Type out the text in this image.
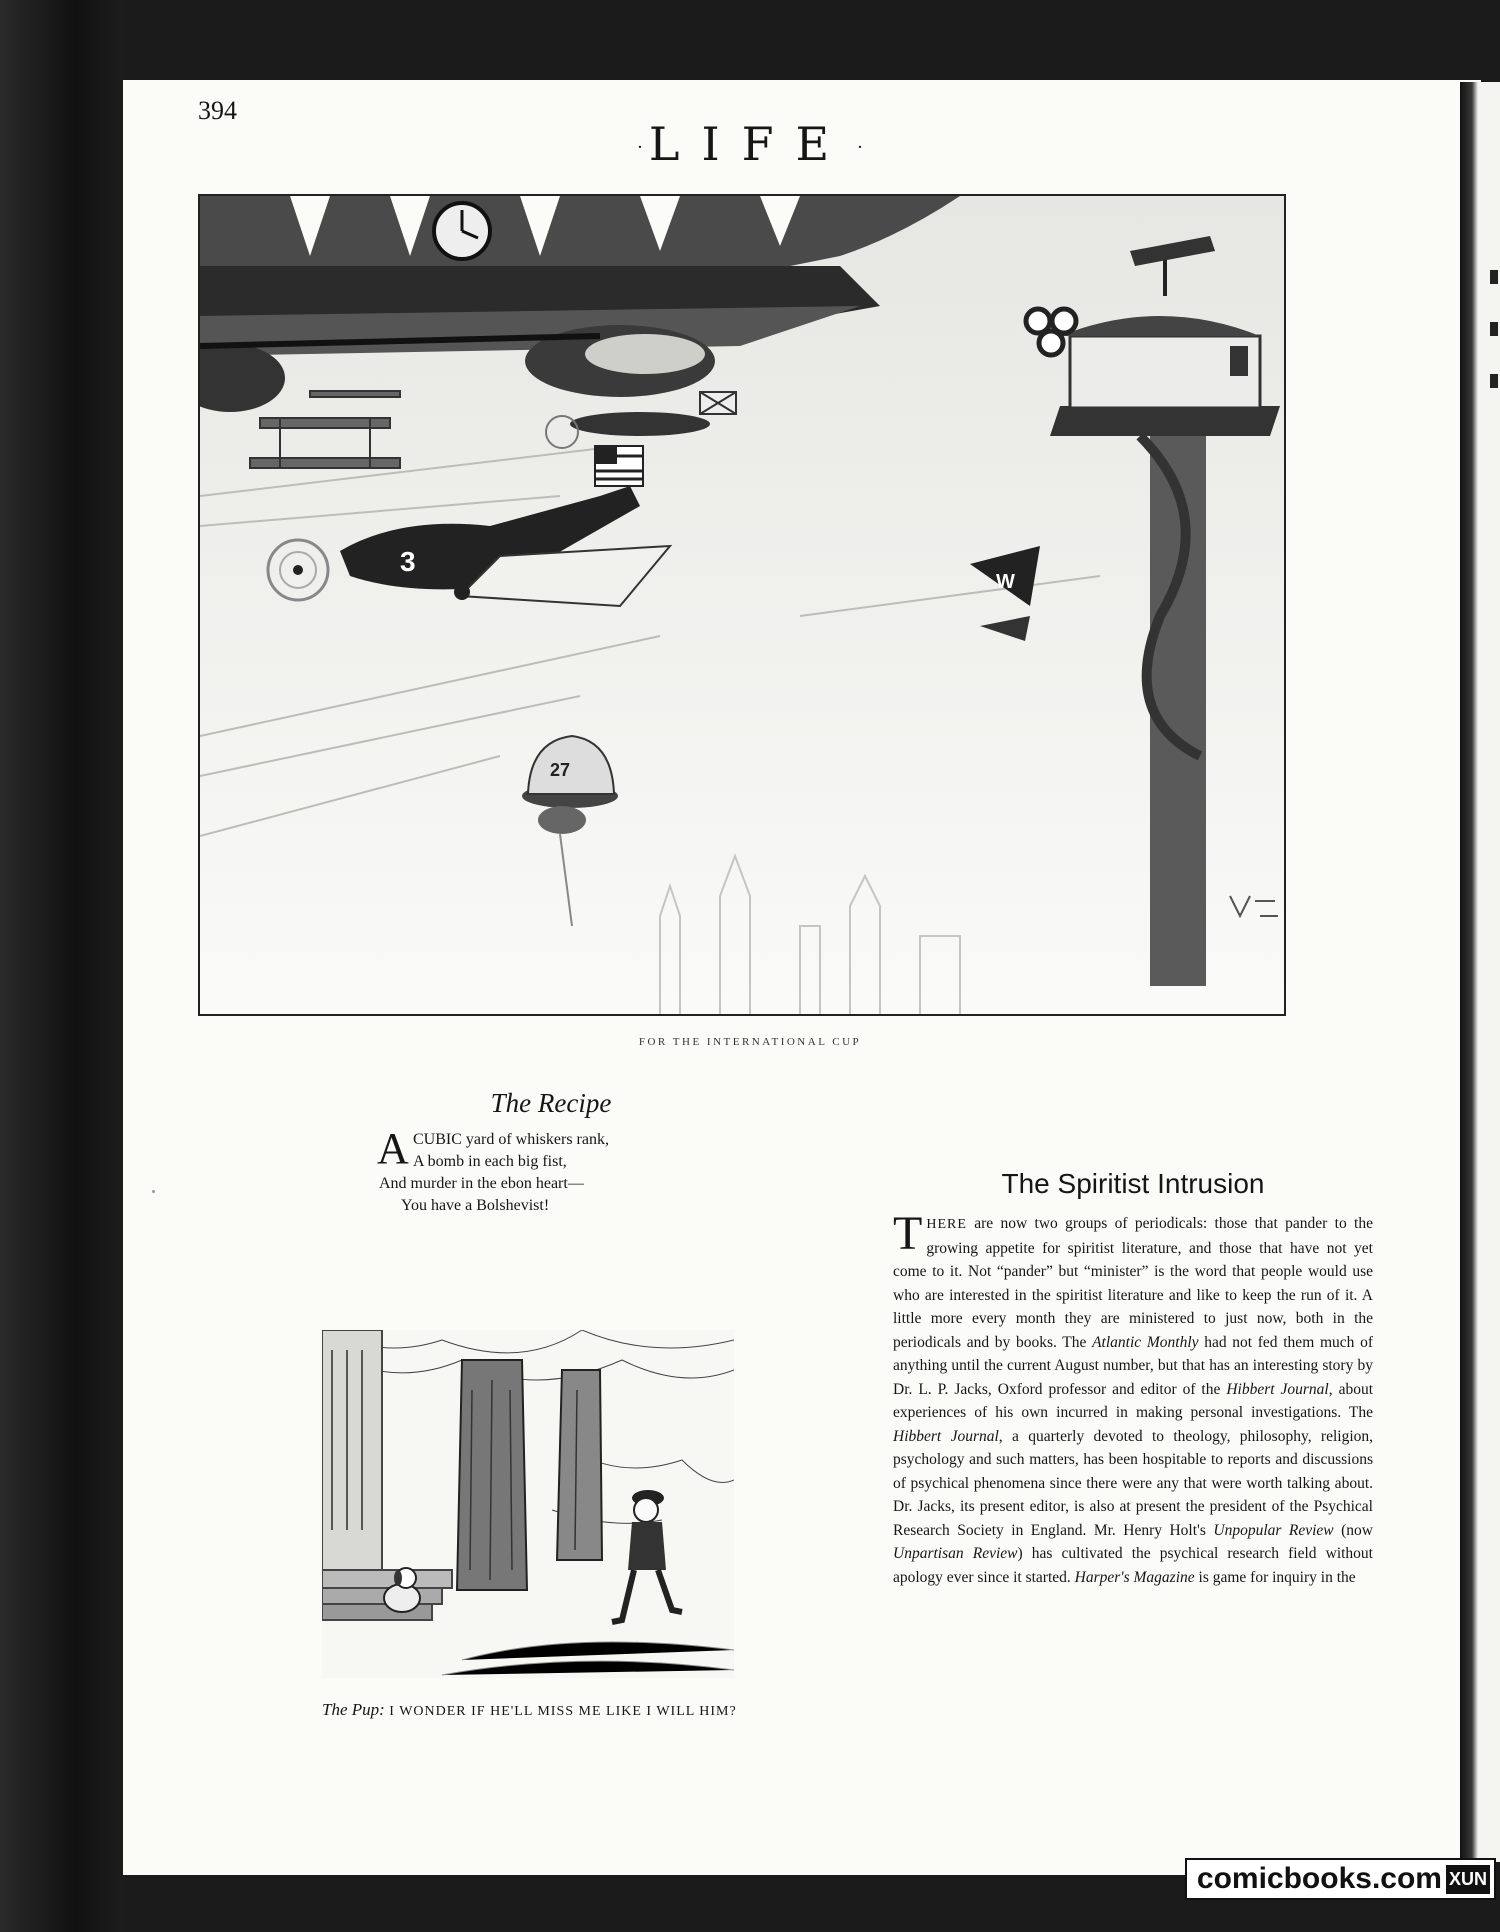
394
· LIFE ·
3
27
W
FOR THE INTERNATIONAL CUP
The Recipe
A CUBIC yard of whiskers rank,
A bomb in each big fist,
And murder in the ebon heart—
You have a Bolshevist!
The Pup: I WONDER IF HE'LL MISS ME LIKE I WILL HIM?
The Spiritist Intrusion

THERE are now two groups of periodicals: those that pander to the growing appetite for spiritist literature, and those that have not yet come to it. Not “pander” but “minister” is the word that people would use who are interested in the spiritist literature and like to keep the run of it. A little more every month they are ministered to just now, both in the periodicals and by books. The Atlantic Monthly had not fed them much of anything until the current August number, but that has an interesting story by Dr. L. P. Jacks, Oxford professor and editor of the Hibbert Journal, about experiences of his own incurred in making personal investigations. The Hibbert Journal, a quarterly devoted to theology, philosophy, religion, psychology and such matters, has been hospitable to reports and discussions of psychical phenomena since there were any that were worth talking about. Dr. Jacks, its present editor, is also at present the president of the Psychical Research Society in England. Mr. Henry Holt's Unpopular Review (now Unpartisan Review) has cultivated the psychical research field without apology ever since it started. Harper's Magazine is game for inquiry in the

comicbooks.com XUN
